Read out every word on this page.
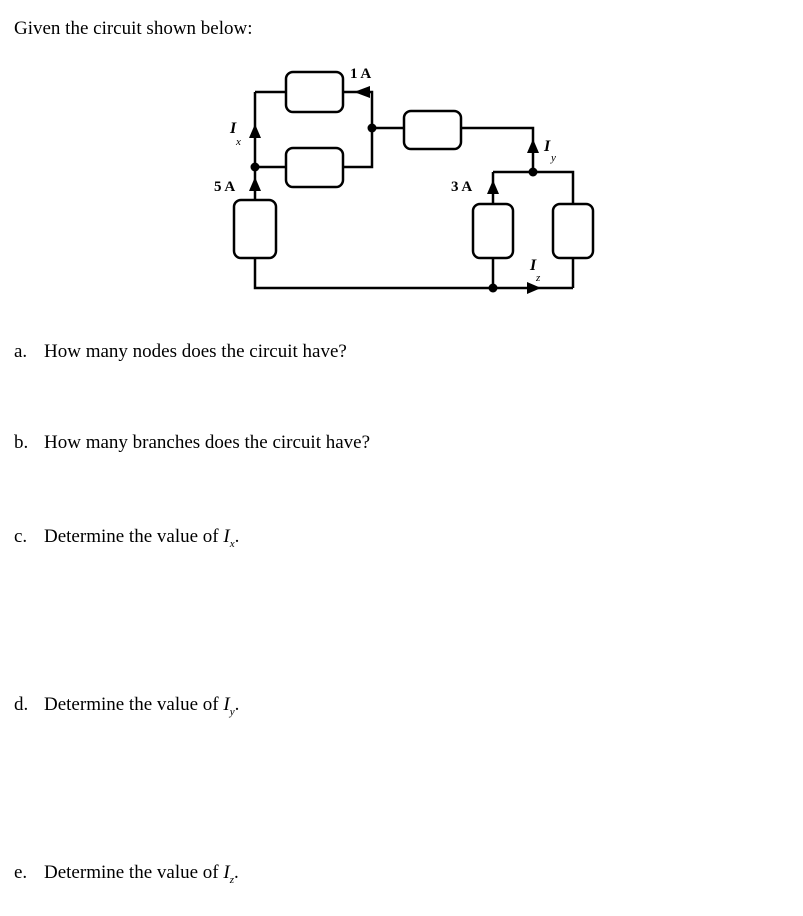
Given the circuit shown below:

1 A
5 A	3 A
I
x	I
y
I
z
a. How many nodes does the circuit have?
b. How many branches does the circuit have?
c. Determine the value of $I_x$.
d. Determine the value of $I_y$.
e. Determine the value of $I_z$.
